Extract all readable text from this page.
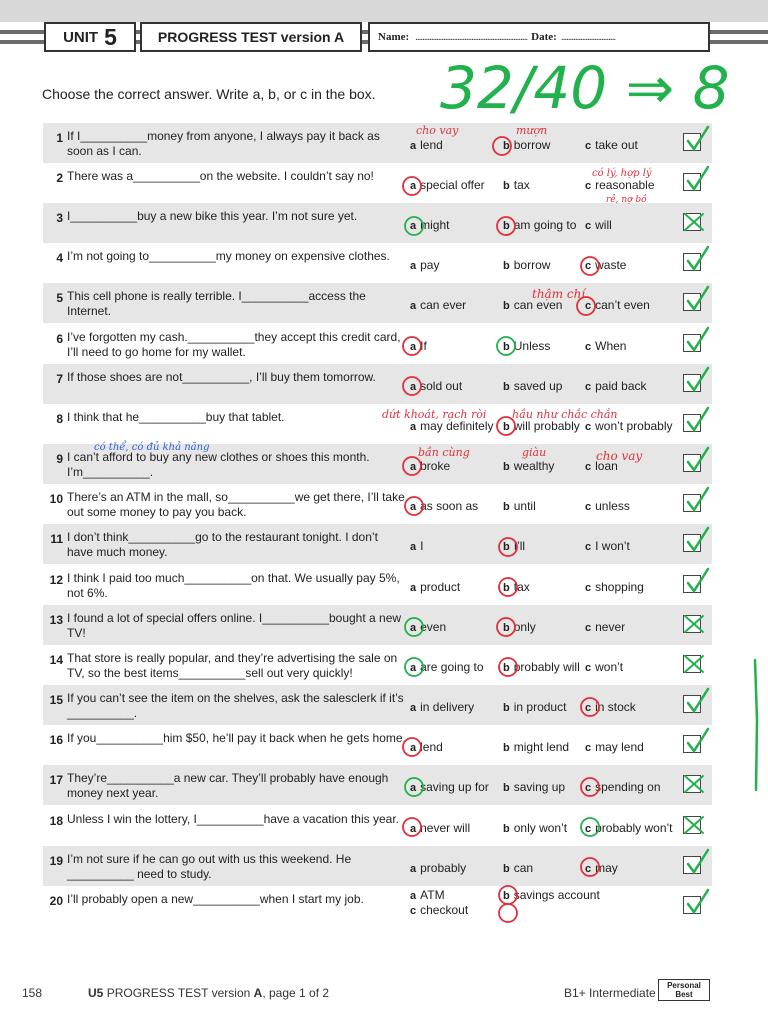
UNIT 5	PROGRESS TEST version A	Name: ................................................................ Date: ...............................
Choose the correct answer. Write a, b, or c in the box.
1 If I__________money from anyone, I always pay it back as soon as I can.	a lend	b borrow	c take out
2 There was a__________on the website. I couldn’t say no!
a special offer b tax	c reasonable
3 I__________buy a new bike this year. I’m not sure yet.
a might	b am going to c will
4 I’m not going to__________my money on expensive clothes.
a pay	b borrow	c waste
5 This cell phone is really terrible. I__________access the Internet.	a can ever	b can even c can’t even
6 I’ve forgotten my cash.__________they accept this credit card, I’ll need to go home for my wallet.	a If	b Unless	c When
7 If those shoes are not__________, I’ll buy them tomorrow.
a sold out	b saved up c paid back
8 I think that he__________buy that tablet.
a may definitely b will probably c won’t probably
9 I can’t afford to buy any new clothes or shoes this month. I’m__________.	a broke	b wealthy	c loan
10 There’s an ATM in the mall, so__________we get there, I’ll take out some money to pay you back.	a as soon as b until	c unless
11 I don’t think__________go to the restaurant tonight. I don’t have much money.	a I	b I’ll	c I won’t
12 I think I paid too much__________on that. We usually pay 5%, not 6%.	a product	b tax	c shopping
13 I found a lot of special offers online. I__________bought a new TV!	a even	b only	c never
14 That store is really popular, and they’re advertising the sale on TV, so the best items__________sell out very quickly!	a are going to b probably will c won’t
15 If you can’t see the item on the shelves, ask the salesclerk if it’s __________.	a in delivery	b in product c in stock
16 If you__________him $50, he’ll pay it back when he gets home.
a lend	b might lend c may lend
17 They’re__________a new car. They’ll probably have enough money next year.	a saving up for b saving up c spending on
18 Unless I win the lottery, I__________have a vacation this year.
a never will	b only won’t c probably won’t
19 I’m not sure if he can go out with us this weekend. He __________ need to study.	a probably	b can	c may
20 I’ll probably open a new__________when I start my job.	a ATM	b savings account
c checkout
158	U5 PROGRESS TEST version A, page 1 of 2	B1+ Intermediate
Personal Best
32/40 ⇒ 8
cho vay	mượn
có lý, hợp lý
rẻ, nợ bồ
thậm chí
dứt khoát, rạch ròi hầu như chắc chắn
có thể, có đủ khả năng	bần cùng	giàu	cho vay
